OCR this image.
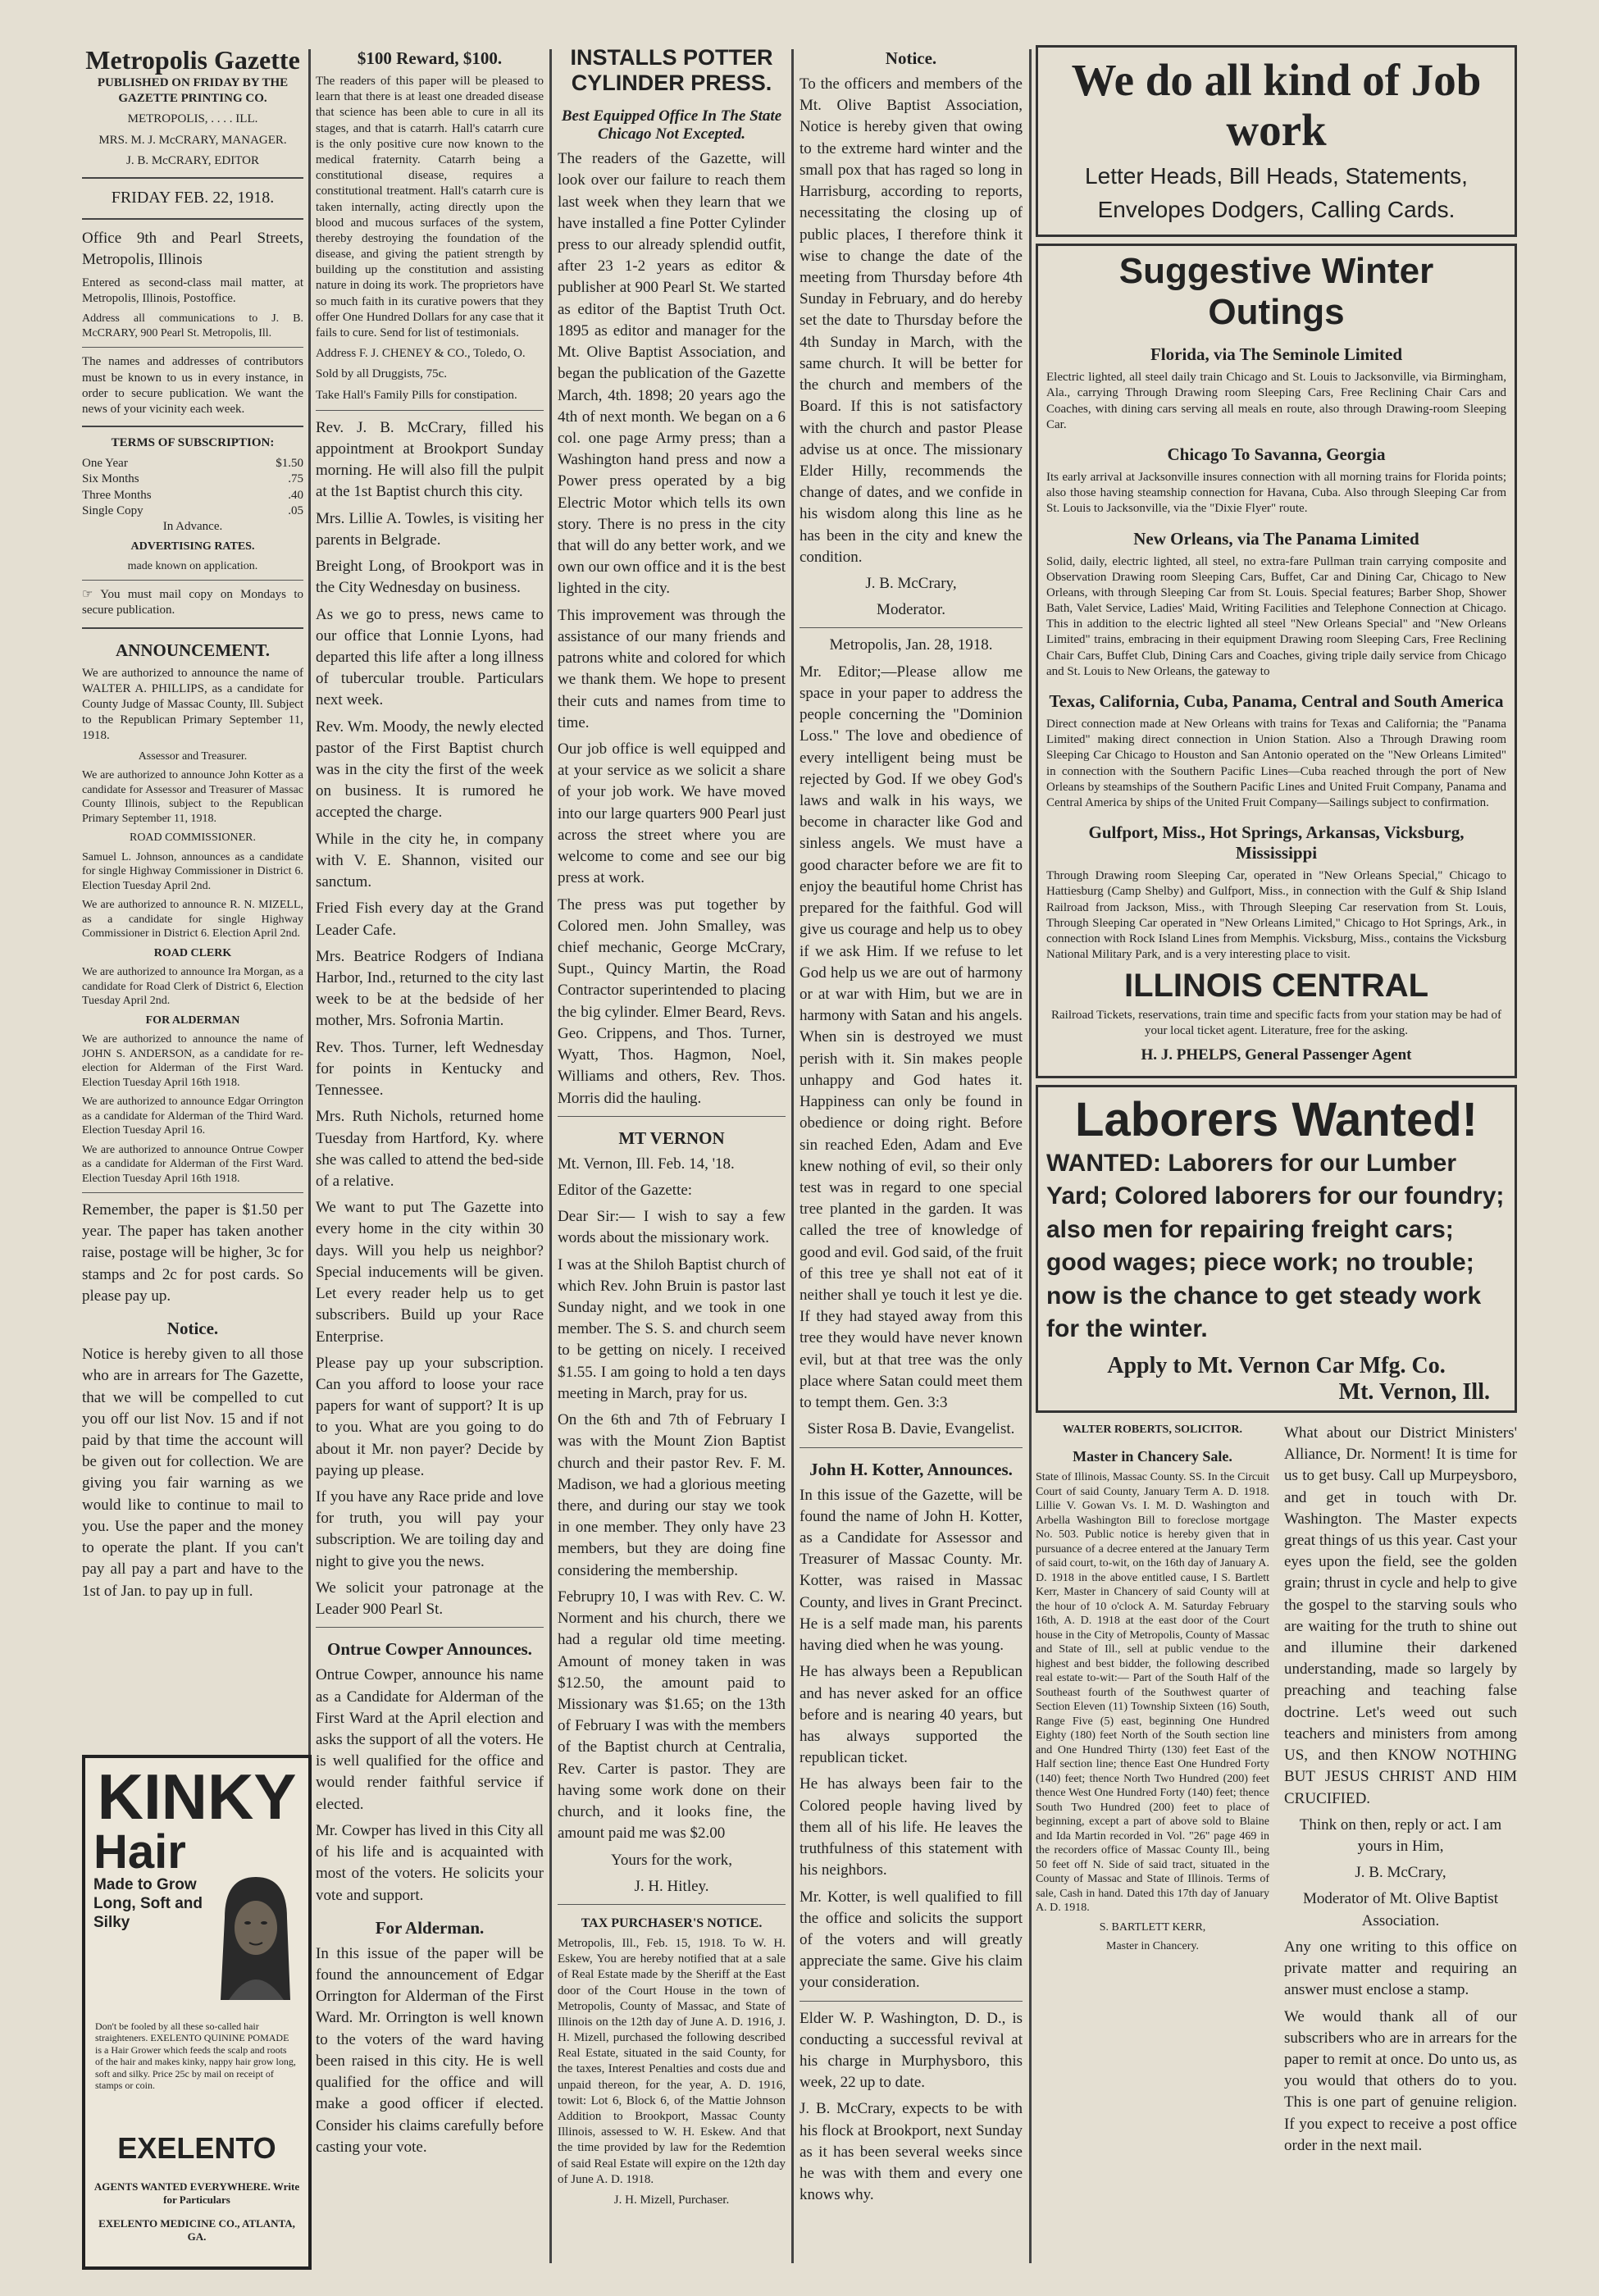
Metropolis Gazette

PUBLISHED ON FRIDAY BY THE GAZETTE PRINTING CO.

METROPOLIS, . . . . ILL.

MRS. M. J. McCRARY, MANAGER.

J. B. McCRARY, EDITOR

FRIDAY FEB. 22, 1918.

Office 9th and Pearl Streets, Metropolis, Illinois

Entered as second-class mail matter, at Metropolis, Illinois, Postoffice.

Address all communications to J. B. McCRARY, 900 Pearl St. Metropolis, Ill.

The names and addresses of contributors must be known to us in every instance, in order to secure publication. We want the news of your vicinity each week.

TERMS OF SUBSCRIPTION:

One Year	$1.50
Six Months	.75
Three Months	.40
Single Copy	.05

In Advance.

ADVERTISING RATES.

made known on application.

☞ You must mail copy on Mondays to secure publication.

ANNOUNCEMENT.

We are authorized to announce the name of WALTER A. PHILLIPS, as a candidate for County Judge of Massac County, Ill. Subject to the Republican Primary September 11, 1918.

Assessor and Treasurer.

We are authorized to announce John Kotter as a candidate for Assessor and Treasurer of Massac County Illinois, subject to the Republican Primary September 11, 1918.

ROAD COMMISSIONER.

Samuel L. Johnson, announces as a candidate for single Highway Commissioner in District 6. Election Tuesday April 2nd.

We are authorized to announce R. N. MIZELL, as a candidate for single Highway Commissioner in District 6. Election April 2nd.

ROAD CLERK

We are authorized to announce Ira Morgan, as a candidate for Road Clerk of District 6, Election Tuesday April 2nd.

FOR ALDERMAN

We are authorized to announce the name of JOHN S. ANDERSON, as a candidate for re-election for Alderman of the First Ward. Election Tuesday April 16th 1918.

We are authorized to announce Edgar Orrington as a candidate for Alderman of the Third Ward. Election Tuesday April 16.

We are authorized to announce Ontrue Cowper as a candidate for Alderman of the First Ward. Election Tuesday April 16th 1918.

Remember, the paper is $1.50 per year. The paper has taken another raise, postage will be higher, 3c for stamps and 2c for post cards. So please pay up.

Notice.

Notice is hereby given to all those who are in arrears for The Gazette, that we will be compelled to cut you off our list Nov. 15 and if not paid by that time the account will be given out for collection. We are giving you fair warning as we would like to continue to mail to you. Use the paper and the money to operate the plant. If you can't pay all pay a part and have to the 1st of Jan. to pay up in full.

KINKY
Hair
Made to Grow Long, Soft and Silky
Don't be fooled by all these so-called hair straighteners. EXELENTO QUININE POMADE is a Hair Grower which feeds the scalp and roots of the hair and makes kinky, nappy hair grow long, soft and silky. Price 25c by mail on receipt of stamps or coin.
EXELENTO
AGENTS WANTED EVERYWHERE. Write for Particulars
EXELENTO MEDICINE CO., ATLANTA, GA.
$100 Reward, $100.

The readers of this paper will be pleased to learn that there is at least one dreaded disease that science has been able to cure in all its stages, and that is catarrh. Hall's catarrh cure is the only positive cure now known to the medical fraternity. Catarrh being a constitutional disease, requires a constitutional treatment. Hall's catarrh cure is taken internally, acting directly upon the blood and mucous surfaces of the system, thereby destroying the foundation of the disease, and giving the patient strength by building up the constitution and assisting nature in doing its work. The proprietors have so much faith in its curative powers that they offer One Hundred Dollars for any case that it fails to cure. Send for list of testimonials.

Address F. J. CHENEY & CO., Toledo, O.

Sold by all Druggists, 75c.

Take Hall's Family Pills for constipation.

Rev. J. B. McCrary, filled his appointment at Brookport Sunday morning. He will also fill the pulpit at the 1st Baptist church this city.

Mrs. Lillie A. Towles, is visiting her parents in Belgrade.

Breight Long, of Brookport was in the City Wednesday on business.

As we go to press, news came to our office that Lonnie Lyons, had departed this life after a long illness of tubercular trouble. Particulars next week.

Rev. Wm. Moody, the newly elected pastor of the First Baptist church was in the city the first of the week on business. It is rumored he accepted the charge.

While in the city he, in company with V. E. Shannon, visited our sanctum.

Fried Fish every day at the Grand Leader Cafe.

Mrs. Beatrice Rodgers of Indiana Harbor, Ind., returned to the city last week to be at the bedside of her mother, Mrs. Sofronia Martin.

Rev. Thos. Turner, left Wednesday for points in Kentucky and Tennessee.

Mrs. Ruth Nichols, returned home Tuesday from Hartford, Ky. where she was called to attend the bed-side of a relative.

We want to put The Gazette into every home in the city within 30 days. Will you help us neighbor? Special inducements will be given. Let every reader help us to get subscribers. Build up your Race Enterprise.

Please pay up your subscription. Can you afford to loose your race papers for want of support? It is up to you. What are you going to do about it Mr. non payer? Decide by paying up please.

If you have any Race pride and love for truth, you will pay your subscription. We are toiling day and night to give you the news.

We solicit your patronage at the Leader 900 Pearl St.

Ontrue Cowper Announces.

Ontrue Cowper, announce his name as a Candidate for Alderman of the First Ward at the April election and asks the support of all the voters. He is well qualified for the office and would render faithful service if elected.

Mr. Cowper has lived in this City all of his life and is acquainted with most of the voters. He solicits your vote and support.

For Alderman.

In this issue of the paper will be found the announcement of Edgar Orrington for Alderman of the First Ward. Mr. Orrington is well known to the voters of the ward having been raised in this city. He is well qualified for the office and will make a good officer if elected. Consider his claims carefully before casting your vote.

INSTALLS POTTER CYLINDER PRESS.
Best Equipped Office In The State Chicago Not Excepted.

The readers of the Gazette, will look over our failure to reach them last week when they learn that we have installed a fine Potter Cylinder press to our already splendid outfit, after 23 1-2 years as editor & publisher at 900 Pearl St. We started as editor of the Baptist Truth Oct. 1895 as editor and manager for the Mt. Olive Baptist Association, and began the publication of the Gazette March, 4th. 1898; 20 years ago the 4th of next month. We began on a 6 col. one page Army press; than a Washington hand press and now a Power press operated by a big Electric Motor which tells its own story. There is no press in the city that will do any better work, and we own our own office and it is the best lighted in the city.

This improvement was through the assistance of our many friends and patrons white and colored for which we thank them. We hope to present their cuts and names from time to time.

Our job office is well equipped and at your service as we solicit a share of your job work. We have moved into our large quarters 900 Pearl just across the street where you are welcome to come and see our big press at work.

The press was put together by Colored men. John Smalley, was chief mechanic, George McCrary, Supt., Quincy Martin, the Road Contractor superintended to placing the big cylinder. Elmer Beard, Revs. Geo. Crippens, and Thos. Turner, Wyatt, Thos. Hagmon, Noel, Williams and others, Rev. Thos. Morris did the hauling.

MT VERNON

Mt. Vernon, Ill. Feb. 14, '18.

Editor of the Gazette:

Dear Sir:— I wish to say a few words about the missionary work.

I was at the Shiloh Baptist church of which Rev. John Bruin is pastor last Sunday night, and we took in one member. The S. S. and church seem to be getting on nicely. I received $1.55. I am going to hold a ten days meeting in March, pray for us.

On the 6th and 7th of February I was with the Mount Zion Baptist church and their pastor Rev. F. M. Madison, we had a glorious meeting there, and during our stay we took in one member. They only have 23 members, but they are doing fine considering the membership.

Februpry 10, I was with Rev. C. W. Norment and his church, there we had a regular old time meeting. Amount of money taken in was $12.50, the amount paid to Missionary was $1.65; on the 13th of February I was with the members of the Baptist church at Centralia, Rev. Carter is pastor. They are having some work done on their church, and it looks fine, the amount paid me was $2.00

Yours for the work,

J. H. Hitley.

TAX PURCHASER'S NOTICE.

Metropolis, Ill., Feb. 15, 1918. To W. H. Eskew, You are hereby notified that at a sale of Real Estate made by the Sheriff at the East door of the Court House in the town of Metropolis, County of Massac, and State of Illinois on the 12th day of June A. D. 1916, J. H. Mizell, purchased the following described Real Estate, situated in the said County, for the taxes, Interest Penalties and costs due and unpaid thereon, for the year, A. D. 1916, towit: Lot 6, Block 6, of the Mattie Johnson Addition to Brookport, Massac County Illinois, assessed to W. H. Eskew. And that the time provided by law for the Redemtion of said Real Estate will expire on the 12th day of June A. D. 1918.

J. H. Mizell, Purchaser.

Notice.

To the officers and members of the Mt. Olive Baptist Association, Notice is hereby given that owing to the extreme hard winter and the small pox that has raged so long in Harrisburg, according to reports, necessitating the closing up of public places, I therefore think it wise to change the date of the meeting from Thursday before 4th Sunday in February, and do hereby set the date to Thursday before the 4th Sunday in March, with the same church. It will be better for the church and members of the Board. If this is not satisfactory with the church and pastor Please advise us at once. The missionary Elder Hilly, recommends the change of dates, and we confide in his wisdom along this line as he has been in the city and knew the condition.

J. B. McCrary,

Moderator.

Metropolis, Jan. 28, 1918.

Mr. Editor;—Please allow me space in your paper to address the people concerning the "Dominion Loss." The love and obedience of every intelligent being must be rejected by God. If we obey God's laws and walk in his ways, we become in character like God and sinless angels. We must have a good character before we are fit to enjoy the beautiful home Christ has prepared for the faithful. God will give us courage and help us to obey if we ask Him. If we refuse to let God help us we are out of harmony or at war with Him, but we are in harmony with Satan and his angels. When sin is destroyed we must perish with it. Sin makes people unhappy and God hates it. Happiness can only be found in obedience or doing right. Before sin reached Eden, Adam and Eve knew nothing of evil, so their only test was in regard to one special tree planted in the garden. It was called the tree of knowledge of good and evil. God said, of the fruit of this tree ye shall not eat of it neither shall ye touch it lest ye die. If they had stayed away from this tree they would have never known evil, but at that tree was the only place where Satan could meet them to tempt them. Gen. 3:3

Sister Rosa B. Davie, Evangelist.

John H. Kotter, Announces.

In this issue of the Gazette, will be found the name of John H. Kotter, as a Candidate for Assessor and Treasurer of Massac County. Mr. Kotter, was raised in Massac County, and lives in Grant Precinct. He is a self made man, his parents having died when he was young.

He has always been a Republican and has never asked for an office before and is nearing 40 years, but has always supported the republican ticket.

He has always been fair to the Colored people having lived by them all of his life. He leaves the truthfulness of this statement with his neighbors.

Mr. Kotter, is well qualified to fill the office and solicits the support of the voters and will greatly appreciate the same. Give his claim your consideration.

Elder W. P. Washington, D. D., is conducting a successful revival at his charge in Murphysboro, this week, 22 up to date.

J. B. McCrary, expects to be with his flock at Brookport, next Sunday as it has been several weeks since he was with them and every one knows why.

We do all kind of Job work
Letter Heads, Bill Heads, Statements, Envelopes Dodgers, Calling Cards.
Suggestive Winter Outings
Florida, via The Seminole Limited

Electric lighted, all steel daily train Chicago and St. Louis to Jacksonville, via Birmingham, Ala., carrying Through Drawing room Sleeping Cars, Free Reclining Chair Cars and Coaches, with dining cars serving all meals en route, also through Drawing-room Sleeping Car.

Chicago To Savanna, Georgia

Its early arrival at Jacksonville insures connection with all morning trains for Florida points; also those having steamship connection for Havana, Cuba. Also through Sleeping Car from St. Louis to Jacksonville, via the "Dixie Flyer" route.

New Orleans, via The Panama Limited

Solid, daily, electric lighted, all steel, no extra-fare Pullman train carrying composite and Observation Drawing room Sleeping Cars, Buffet, Car and Dining Car, Chicago to New Orleans, with through Sleeping Car from St. Louis. Special features; Barber Shop, Shower Bath, Valet Service, Ladies' Maid, Writing Facilities and Telephone Connection at Chicago. This in addition to the electric lighted all steel "New Orleans Special" and "New Orleans Limited" trains, embracing in their equipment Drawing room Sleeping Cars, Free Reclining Chair Cars, Buffet Club, Dining Cars and Coaches, giving triple daily service from Chicago and St. Louis to New Orleans, the gateway to

Texas, California, Cuba, Panama, Central and South America

Direct connection made at New Orleans with trains for Texas and California; the "Panama Limited" making direct connection in Union Station. Also a Through Drawing room Sleeping Car Chicago to Houston and San Antonio operated on the "New Orleans Limited" in connection with the Southern Pacific Lines—Cuba reached through the port of New Orleans by steamships of the Southern Pacific Lines and United Fruit Company, Panama and Central America by ships of the United Fruit Company—Sailings subject to confirmation.

Gulfport, Miss., Hot Springs, Arkansas, Vicksburg, Mississippi

Through Drawing room Sleeping Car, operated in "New Orleans Special," Chicago to Hattiesburg (Camp Shelby) and Gulfport, Miss., in connection with the Gulf & Ship Island Railroad from Jackson, Miss., with Through Sleeping Car reservation from St. Louis, Through Sleeping Car operated in "New Orleans Limited," Chicago to Hot Springs, Ark., in connection with Rock Island Lines from Memphis. Vicksburg, Miss., contains the Vicksburg National Military Park, and is a very interesting place to visit.

ILLINOIS CENTRAL

Railroad Tickets, reservations, train time and specific facts from your station may be had of your local ticket agent. Literature, free for the asking.

H. J. PHELPS, General Passenger Agent

Laborers Wanted!
WANTED: Laborers for our Lumber Yard; Colored laborers for our foundry; also men for repairing freight cars; good wages; piece work; no trouble; now is the chance to get steady work for the winter.
Apply to Mt. Vernon Car Mfg. Co.
Mt. Vernon, Ill.

WALTER ROBERTS, SOLICITOR.

Master in Chancery Sale.

State of Illinois, Massac County. SS. In the Circuit Court of said County, January Term A. D. 1918. Lillie V. Gowan Vs. I. M. D. Washington and Arbella Washington Bill to foreclose mortgage No. 503. Public notice is hereby given that in pursuance of a decree entered at the January Term of said court, to-wit, on the 16th day of January A. D. 1918 in the above entitled cause, I S. Bartlett Kerr, Master in Chancery of said County will at the hour of 10 o'clock A. M. Saturday February 16th, A. D. 1918 at the east door of the Court house in the City of Metropolis, County of Massac and State of Ill., sell at public vendue to the highest and best bidder, the following described real estate to-wit:— Part of the South Half of the Southeast fourth of the Southwest quarter of Section Eleven (11) Township Sixteen (16) South, Range Five (5) east, beginning One Hundred Eighty (180) feet North of the South section line and One Hundred Thirty (130) feet East of the Half section line; thence East One Hundred Forty (140) feet; thence North Two Hundred (200) feet thence West One Hundred Forty (140) feet; thence South Two Hundred (200) feet to place of beginning, except a part of above sold to Blaine and Ida Martin recorded in Vol. "26" page 469 in the recorders office of Massac County Ill., being 50 feet off N. Side of said tract, situated in the County of Massac and State of Illinois. Terms of sale, Cash in hand. Dated this 17th day of January A. D. 1918.

S. BARTLETT KERR,

Master in Chancery.

What about our District Ministers' Alliance, Dr. Norment! It is time for us to get busy. Call up Murpeysboro, and get in touch with Dr. Washington. The Master expects great things of us this year. Cast your eyes upon the field, see the golden grain; thrust in cycle and help to give the gospel to the starving souls who are waiting for the truth to shine out and illumine their darkened understanding, made so largely by preaching and teaching false doctrine. Let's weed out such teachers and ministers from among US, and then KNOW NOTHING BUT JESUS CHRIST AND HIM CRUCIFIED.

Think on then, reply or act. I am yours in Him,

J. B. McCrary,

Moderator of Mt. Olive Baptist Association.

Any one writing to this office on private matter and requiring an answer must enclose a stamp.

We would thank all of our subscribers who are in arrears for the paper to remit at once. Do unto us, as you would that others do to you. This is one part of genuine religion. If you expect to receive a post office order in the next mail.
